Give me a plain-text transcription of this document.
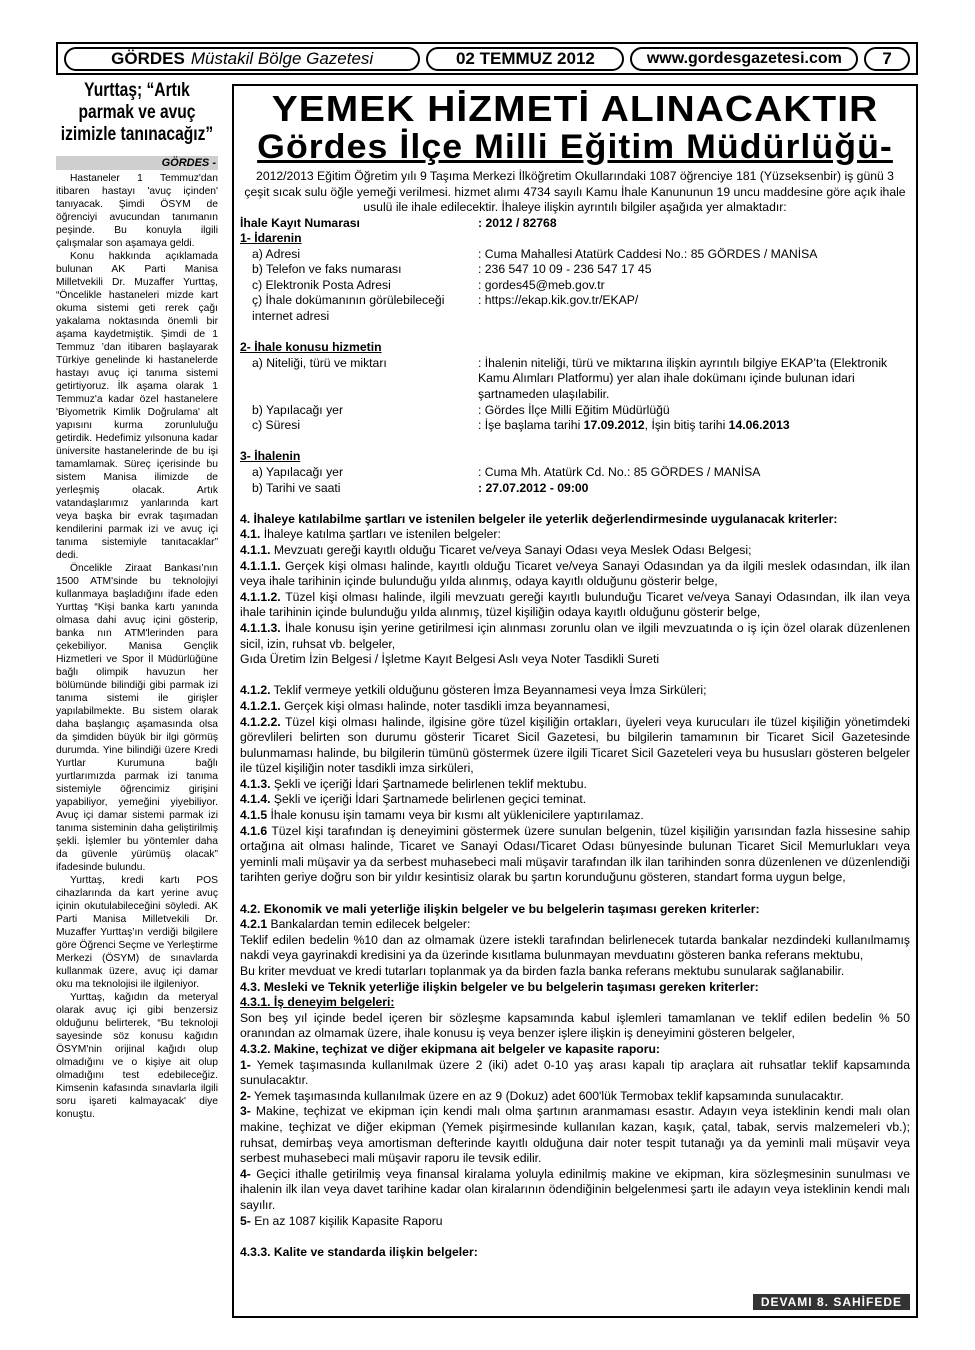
GÖRDES Müstakil Bölge Gazetesi	02 TEMMUZ 2012	www.gordesgazetesi.com	7
Yurttaş; “Artık parmak ve avuç izimizle tanınacağız”
GÖRDES -

Hastaneler 1 Temmuz'dan itibaren hastayı 'avuç içinden' tanıyacak. Şimdi ÖSYM de öğrenciyi avucundan tanımanın peşinde. Bu konuyla ilgili çalışmalar son aşamaya geldi.

Konu hakkında açıklamada bulunan AK Parti Manisa Milletvekili Dr. Muzaffer Yurttaş, “Öncelikle hastaneleri mizde kart okuma sistemi geti rerek çağı yakalama noktasında önemli bir aşama kaydetmiştik. Şimdi de 1 Temmuz ’dan itibaren başlayarak Türkiye genelinde ki hastanelerde hastayı avuç içi tanıma sistemi getirtiyoruz. İlk aşama olarak 1 Temmuz'a kadar özel hastanelere 'Biyometrik Kimlik Doğrulama' alt yapısını kurma zorunluluğu getirdik. Hedefimiz yılsonuna kadar üniversite hastanelerinde de bu işi tamamlamak. Süreç içerisinde bu sistem Manisa ilimizde de yerleşmiş olacak. Artık vatandaşlarımız yanlarında kart veya başka bir evrak taşımadan kendilerini parmak izi ve avuç içi tanıma sistemiyle tanıtacaklar” dedi.

Öncelikle Ziraat Bankası’nın 1500 ATM'sinde bu teknolojiyi kullanmaya başladığını ifade eden Yurttaş “Kişi banka kartı yanında olmasa dahi avuç içini gösterip, banka nın ATM'lerinden para çekebiliyor. Manisa Gençlik Hizmetleri ve Spor İl Müdürlüğüne bağlı olimpik havuzun her bölümünde bilindiği gibi parmak izi tanıma sistemi ile girişler yapılabilmekte. Bu sistem olarak daha başlangıç aşamasında olsa da şimdiden büyük bir ilgi görmüş durumda. Yine bilindiği üzere Kredi Yurtlar Kurumuna bağlı yurtlarımızda parmak izi tanıma sistemiyle öğrencimiz girişini yapabiliyor, yemeğini yiyebiliyor. Avuç içi damar sistemi parmak izi tanıma sisteminin daha geliştirilmiş şekli. İşlemler bu yöntemler daha da güvenle yürümüş olacak” ifadesinde bulundu.

Yurttaş, kredi kartı POS cihazlarında da kart yerine avuç içinin okutulabileceğini söyledi. AK Parti Manisa Milletvekili Dr. Muzaffer Yurttaş’ın verdiği bilgilere göre Öğrenci Seçme ve Yerleştirme Merkezi (ÖSYM) de sınavlarda kullanmak üzere, avuç içi damar oku ma teknolojisi ile ilgileniyor.

Yurttaş, kağıdın da meteryal olarak avuç içi gibi benzersiz olduğunu belirterek, “Bu teknoloji sayesinde söz konusu kağıdın ÖSYM'nin orijinal kağıdı olup olmadığını ve o kişiye ait olup olmadığını test edebileceğiz. Kimsenin kafasında sınavlarla ilgili soru işareti kalmayacak' diye konuştu.

YEMEK HİZMETİ ALINACAKTIR
Gördes İlçe Milli Eğitim Müdürlüğü-
2012/2013 Eğitim Öğretim yılı 9 Taşıma Merkezi İlköğretim Okullarındaki 1087 öğrenciye 181 (Yüzseksenbir) iş günü 3 çeşit sıcak sulu öğle yemeği verilmesi. hizmet alımı 4734 sayılı Kamu İhale Kanununun 19 uncu maddesine göre açık ihale usulü ile ihale edilecektir. İhaleye ilişkin ayrıntılı bilgiler aşağıda yer almaktadır:
İhale Kayıt Numarası	: 2012 / 82768
1- İdarenin
a) Adresi	: Cuma Mahallesi Atatürk Caddesi No.: 85 GÖRDES / MANİSA
b) Telefon ve faks numarası	: 236 547 10 09 - 236 547 17 45
c) Elektronik Posta Adresi	: gordes45@meb.gov.tr
ç) İhale dokümanının görülebileceği internet adresi
: https://ekap.kik.gov.tr/EKAP/
2- İhale konusu hizmetin
a) Niteliği, türü ve miktarı	: İhalenin niteliği, türü ve miktarına ilişkin ayrıntılı bilgiye EKAP’ta (Elektronik Kamu Alımları Platformu) yer alan ihale dokümanı içinde bulunan idari şartnameden ulaşılabilir.
b) Yapılacağı yer	: Gördes İlçe Milli Eğitim Müdürlüğü
c) Süresi	: İşe başlama tarihi 17.09.2012, İşin bitiş tarihi 14.06.2013
3- İhalenin
a) Yapılacağı yer	: Cuma Mh. Atatürk Cd. No.: 85 GÖRDES / MANİSA
b) Tarihi ve saati	: 27.07.2012 - 09:00
4. İhaleye katılabilme şartları ve istenilen belgeler ile yeterlik değerlendirmesinde uygulanacak kriterler:
4.1. İhaleye katılma şartları ve istenilen belgeler:
4.1.1. Mevzuatı gereği kayıtlı olduğu Ticaret ve/veya Sanayi Odası veya Meslek Odası Belgesi;
4.1.1.1. Gerçek kişi olması halinde, kayıtlı olduğu Ticaret ve/veya Sanayi Odasından ya da ilgili meslek odasından, ilk ilan veya ihale tarihinin içinde bulunduğu yılda alınmış, odaya kayıtlı olduğunu gösterir belge,
4.1.1.2. Tüzel kişi olması halinde, ilgili mevzuatı gereği kayıtlı bulunduğu Ticaret ve/veya Sanayi Odasından, ilk ilan veya ihale tarihinin içinde bulunduğu yılda alınmış, tüzel kişiliğin odaya kayıtlı olduğunu gösterir belge,
4.1.1.3. İhale konusu işin yerine getirilmesi için alınması zorunlu olan ve ilgili mevzuatında o iş için özel olarak düzenlenen sicil, izin, ruhsat vb. belgeler,
Gıda Üretim İzin Belgesi / İşletme Kayıt Belgesi Aslı veya Noter Tasdikli Sureti
4.1.2. Teklif vermeye yetkili olduğunu gösteren İmza Beyannamesi veya İmza Sirküleri;
4.1.2.1. Gerçek kişi olması halinde, noter tasdikli imza beyannamesi,
4.1.2.2. Tüzel kişi olması halinde, ilgisine göre tüzel kişiliğin ortakları, üyeleri veya kurucuları ile tüzel kişiliğin yönetimdeki görevlileri belirten son durumu gösterir Ticaret Sicil Gazetesi, bu bilgilerin tamamının bir Ticaret Sicil Gazetesinde bulunmaması halinde, bu bilgilerin tümünü göstermek üzere ilgili Ticaret Sicil Gazeteleri veya bu hususları gösteren belgeler ile tüzel kişiliğin noter tasdikli imza sirküleri,
4.1.3. Şekli ve içeriği İdari Şartnamede belirlenen teklif mektubu.
4.1.4. Şekli ve içeriği İdari Şartnamede belirlenen geçici teminat.
4.1.5 İhale konusu işin tamamı veya bir kısmı alt yüklenicilere yaptırılamaz.
4.1.6 Tüzel kişi tarafından iş deneyimini göstermek üzere sunulan belgenin, tüzel kişiliğin yarısından fazla hissesine sahip ortağına ait olması halinde, Ticaret ve Sanayi Odası/Ticaret Odası bünyesinde bulunan Ticaret Sicil Memurlukları veya yeminli mali müşavir ya da serbest muhasebeci mali müşavir tarafından ilk ilan tarihinden sonra düzenlenen ve düzenlendiği tarihten geriye doğru son bir yıldır kesintisiz olarak bu şartın korunduğunu gösteren, standart forma uygun belge,
4.2. Ekonomik ve mali yeterliğe ilişkin belgeler ve bu belgelerin taşıması gereken kriterler:
4.2.1 Bankalardan temin edilecek belgeler:
Teklif edilen bedelin %10 dan az olmamak üzere istekli tarafından belirlenecek tutarda bankalar nezdindeki kullanılmamış nakdi veya gayrinakdi kredisini ya da üzerinde kısıtlama bulunmayan mevduatını gösteren banka referans mektubu,
Bu kriter mevduat ve kredi tutarları toplanmak ya da birden fazla banka referans mektubu sunularak sağlanabilir.
4.3. Mesleki ve Teknik yeterliğe ilişkin belgeler ve bu belgelerin taşıması gereken kriterler:
4.3.1. İş deneyim belgeleri:
Son beş yıl içinde bedel içeren bir sözleşme kapsamında kabul işlemleri tamamlanan ve teklif edilen bedelin % 50 oranından az olmamak üzere, ihale konusu iş veya benzer işlere ilişkin iş deneyimini gösteren belgeler,
4.3.2. Makine, teçhizat ve diğer ekipmana ait belgeler ve kapasite raporu:
1- Yemek taşımasında kullanılmak üzere 2 (iki) adet 0-10 yaş arası kapalı tip araçlara ait ruhsatlar teklif kapsamında sunulacaktır.
2- Yemek taşımasında kullanılmak üzere en az 9 (Dokuz) adet 600'lük Termobax teklif kapsamında sunulacaktır.
3- Makine, teçhizat ve ekipman için kendi malı olma şartının aranmaması esastır. Adayın veya isteklinin kendi malı olan makine, teçhizat ve diğer ekipman (Yemek pişirmesinde kullanılan kazan, kaşık, çatal, tabak, servis malzemeleri vb.); ruhsat, demirbaş veya amortisman defterinde kayıtlı olduğuna dair noter tespit tutanağı ya da yeminli mali müşavir veya serbest muhasebeci mali müşavir raporu ile tevsik edilir.
4- Geçici ithalle getirilmiş veya finansal kiralama yoluyla edinilmiş makine ve ekipman, kira sözleşmesinin sunulması ve ihalenin ilk ilan veya davet tarihine kadar olan kiralarının ödendiğinin belgelenmesi şartı ile adayın veya isteklinin kendi malı sayılır.
5- En az 1087 kişilik Kapasite Raporu
4.3.3. Kalite ve standarda ilişkin belgeler:
DEVAMI 8. SAHİFEDE
